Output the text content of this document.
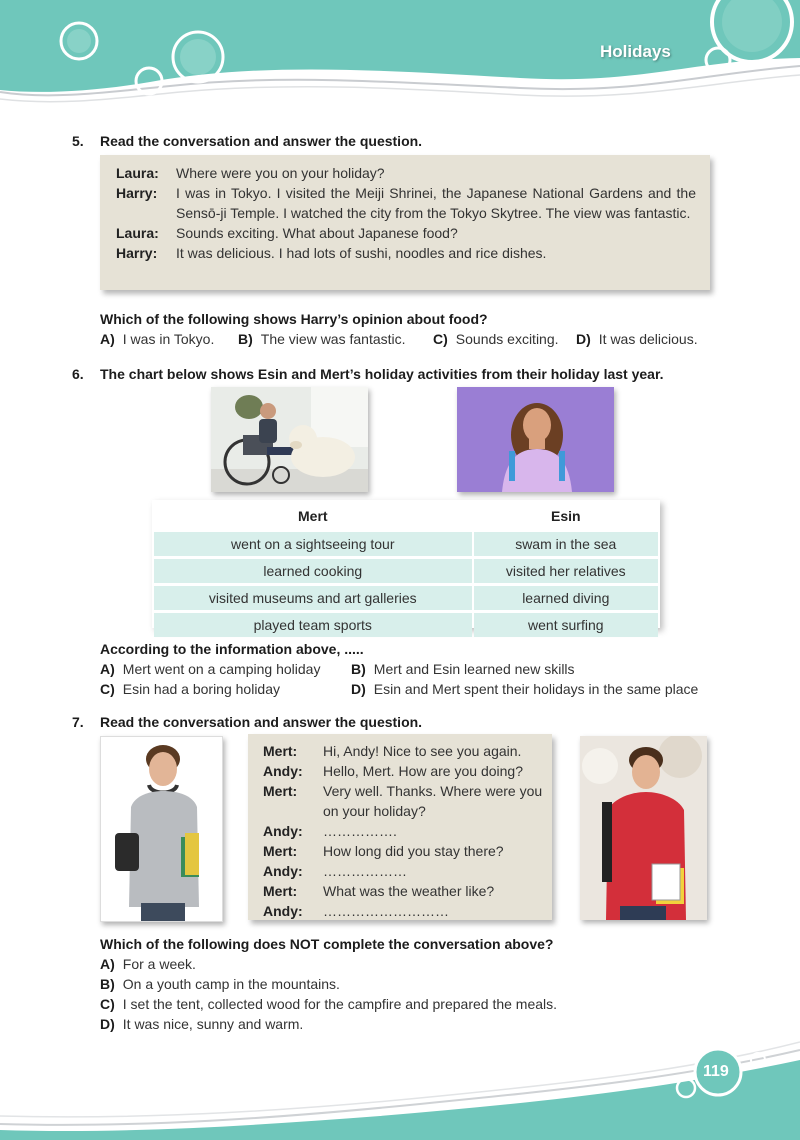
Holidays
5. Read the conversation and answer the question.
Laura:	Where were you on your holiday?
Harry:	I was in Tokyo. I visited the Meiji Shrinei, the Japanese National Gardens and the Sensō-ji Temple. I watched the city from the Tokyo Skytree. The view was fantastic.
Laura:	Sounds exciting. What about Japanese food?
Harry:	It was delicious. I had lots of sushi, noodles and rice dishes.
Which of the following shows Harry’s opinion about food?
A) I was in Tokyo. B) The view was fantastic. C) Sounds exciting. D) It was delicious.
6. The chart below shows Esin and Mert’s holiday activities from their holiday last year.
Mert	Esin
went on a sightseeing tour	swam in the sea
learned cooking	visited her relatives
visited museums and art galleries	learned diving
played team sports	went surfing
According to the information above, .....
A) Mert went on a camping holiday B) Mert and Esin learned new skills
C) Esin had a boring holiday	D) Esin and Mert spent their holidays in the same place
7. Read the conversation and answer the question.
Mert:	Hi, Andy! Nice to see you again.
Andy:	Hello, Mert. How are you doing?
Mert:	Very well. Thanks. Where were you on your holiday?
Andy:	…………….
Mert:	How long did you stay there?
Andy:	………………
Mert:	What was the weather like?
Andy:	………………………
Which of the following does NOT complete the conversation above?
A) For a week.
B) On a youth camp in the mountains.
C) I set the tent, collected wood for the campfire and prepared the meals.
D) It was nice, sunny and warm.
119
